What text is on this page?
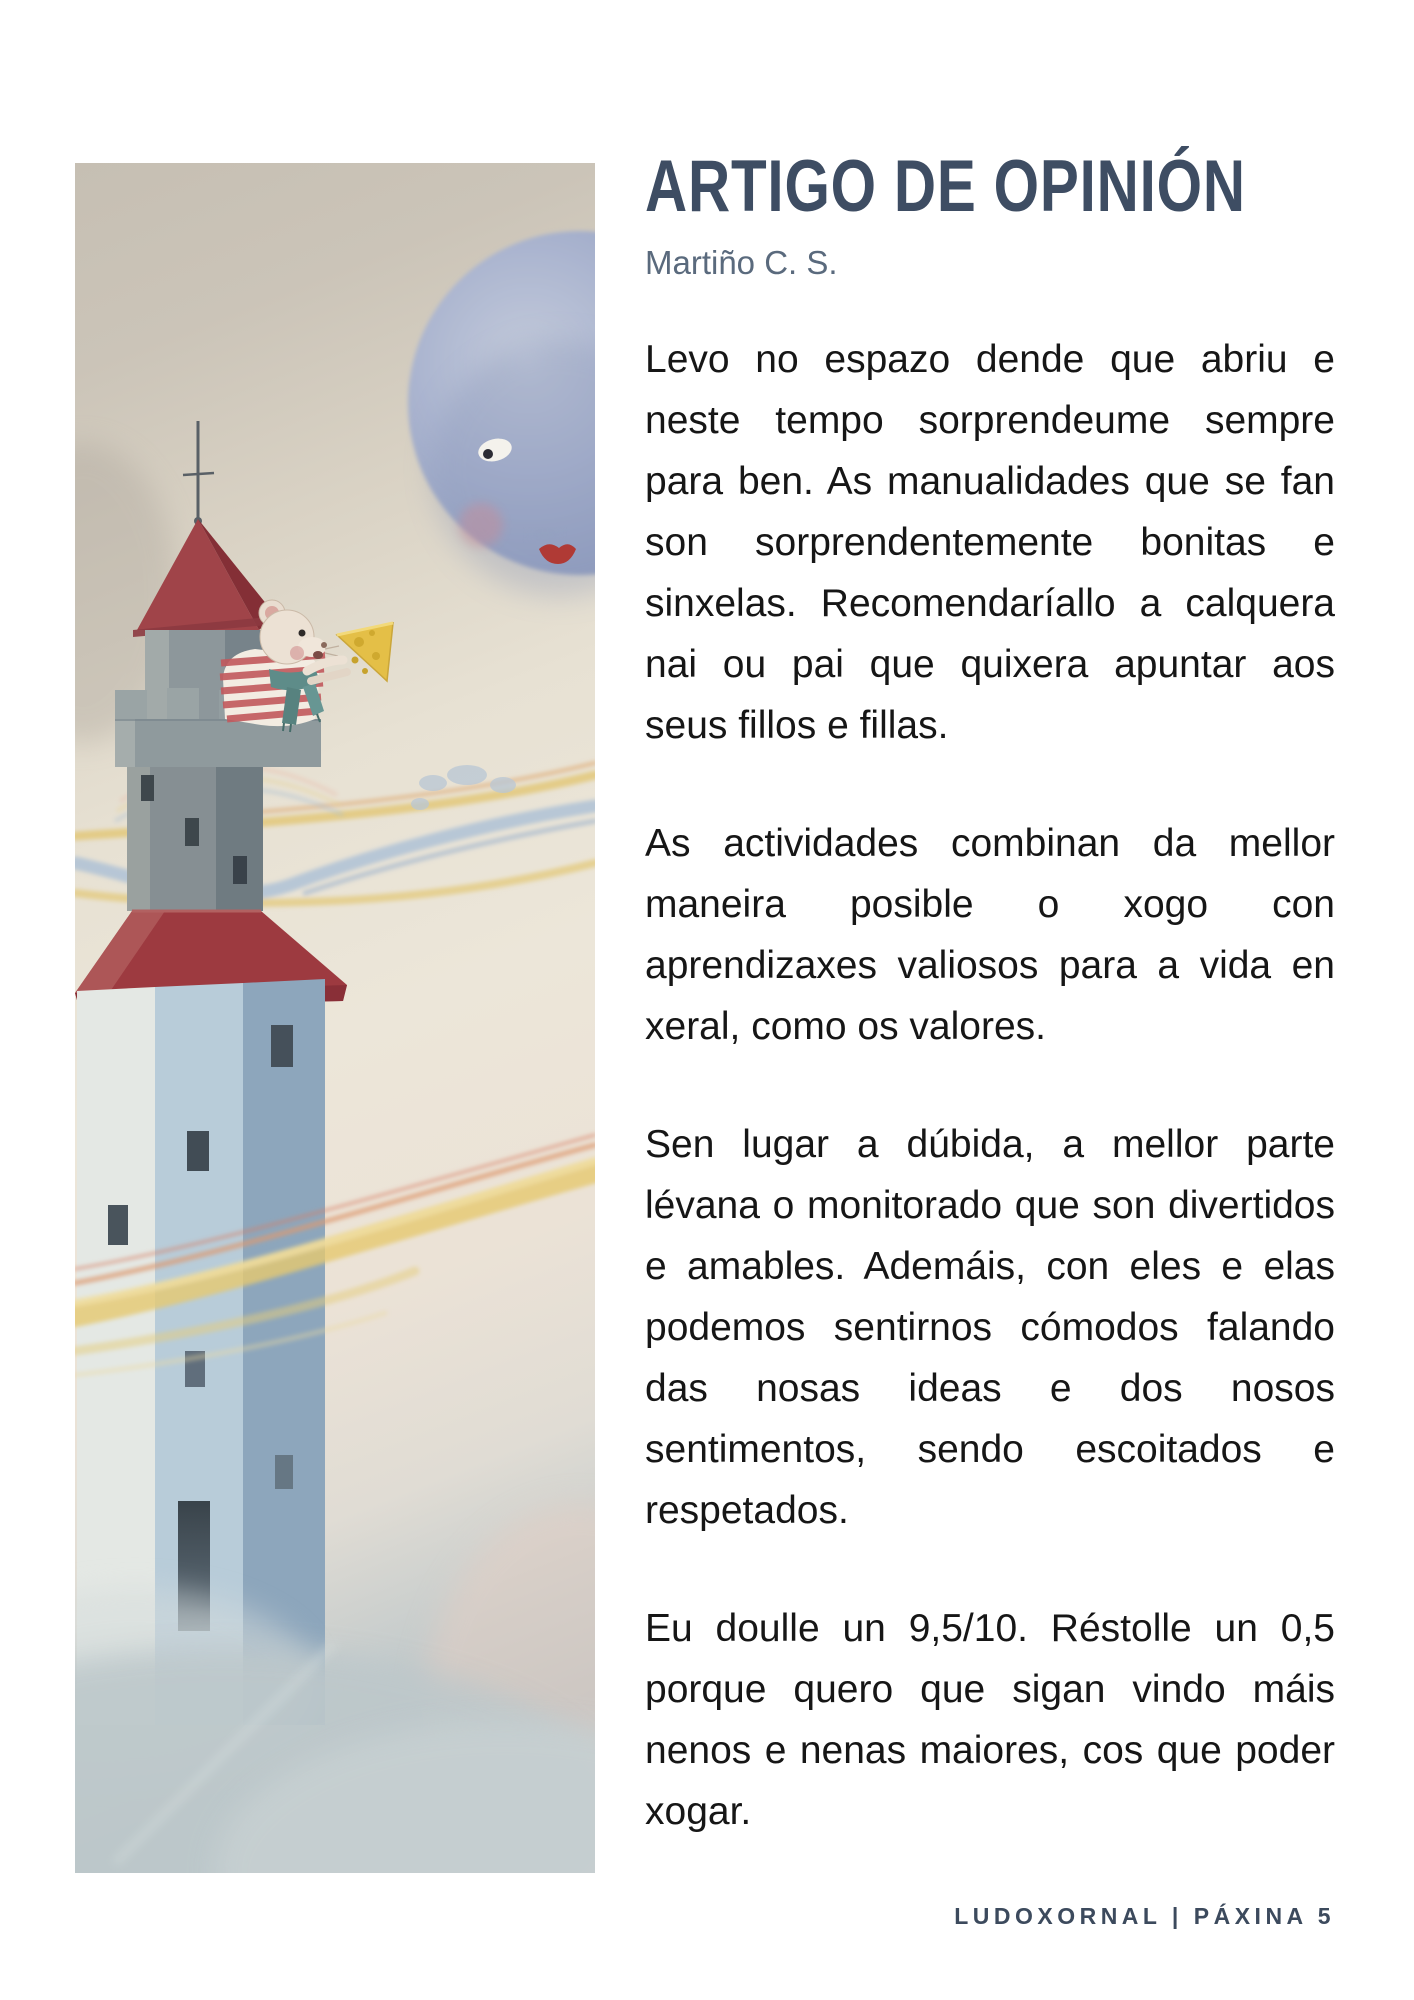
ARTIGO DE OPINIÓN
Martiño C. S.

Levo no espazo dende que abriu e neste tempo sorprendeume sempre para ben. As manualidades que se fan son sorprendentemente bonitas e sinxelas. Recomendaríallo a calquera nai ou pai que quixera apuntar aos seus fillos e fillas.

As actividades combinan da mellor maneira posible o xogo con aprendizaxes valiosos para a vida en xeral, como os valores.

Sen lugar a dúbida, a mellor parte lévana o monitorado que son divertidos e amables. Ademáis, con eles e elas podemos sentirnos cómodos falando das nosas ideas e dos nosos sentimentos, sendo escoitados e respetados.

Eu doulle un 9,5/10. Réstolle un 0,5 porque quero que sigan vindo máis nenos e nenas maiores, cos que poder xogar.

LUDOXORNAL | PÁXINA 5
